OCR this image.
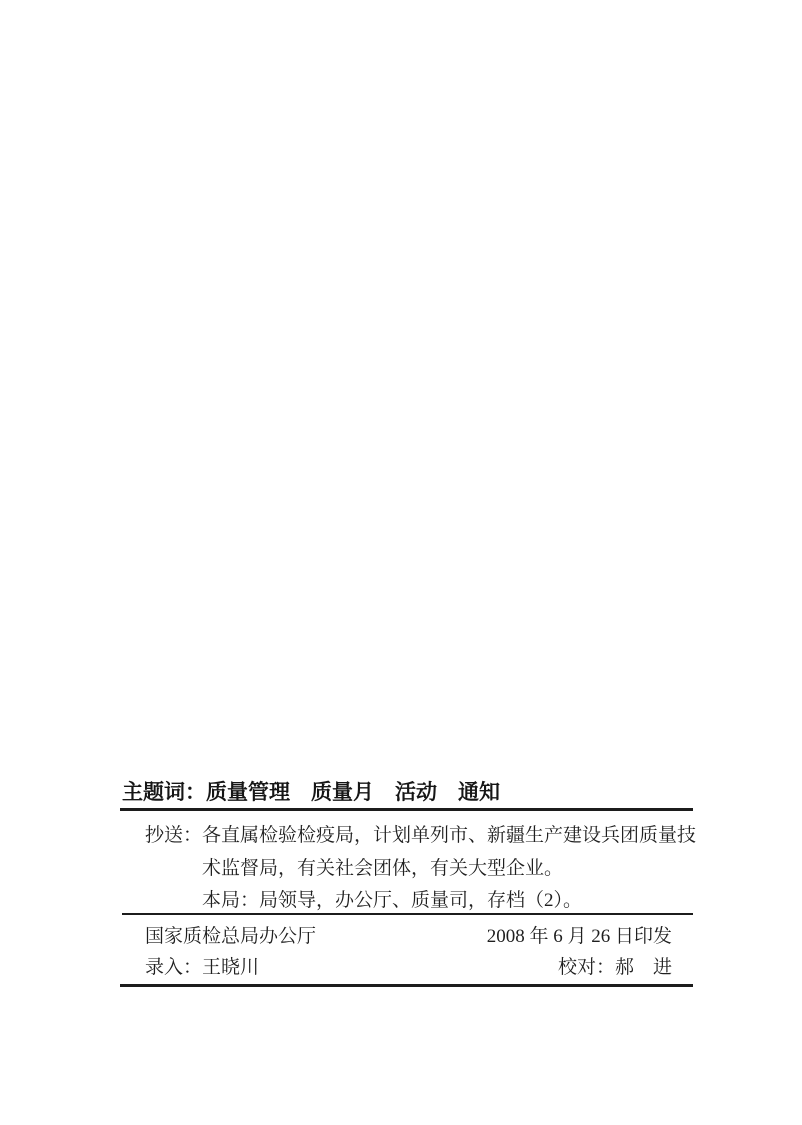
主题词：质量管理　质量月　活动　通知
抄送：各直属检验检疫局，计划单列市、新疆生产建设兵团质量技
术监督局，有关社会团体，有关大型企业。
本局：局领导，办公厅、质量司，存档（2）。
国家质检总局办公厅	2008 年 6 月 26 日印发
录入：王晓川	校对：郝　进
